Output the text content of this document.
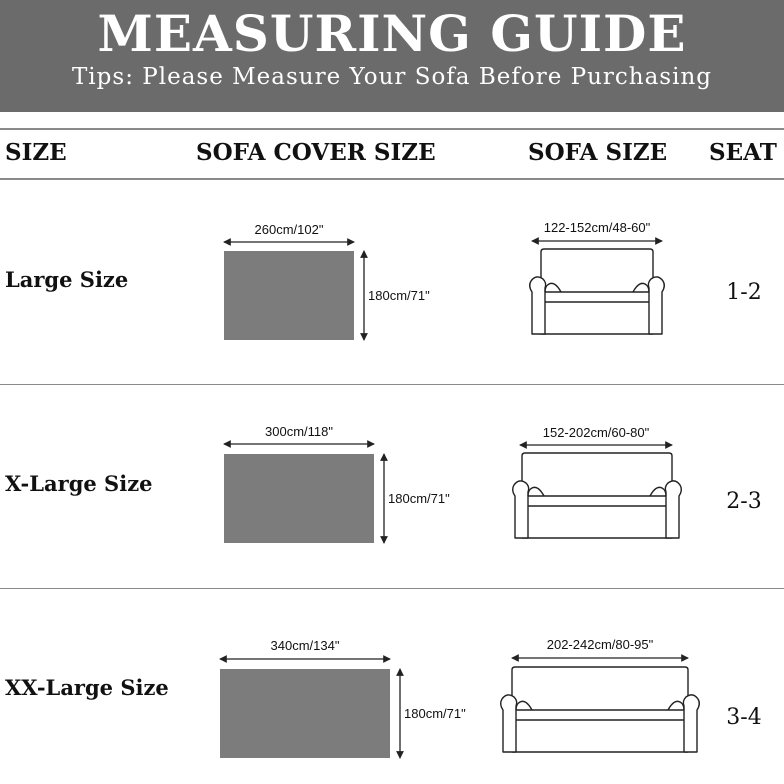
MEASURING GUIDE
Tips: Please Measure Your Sofa Before Purchasing
SIZE	SOFA COVER SIZE	SOFA SIZE SEAT
Large Size
260cm/102"
180cm/71"
122-152cm/48-60"
1-2
X-Large Size
300cm/118"
180cm/71"
152-202cm/60-80"
2-3
XX-Large Size
340cm/134"
180cm/71"
202-242cm/80-95"
3-4
